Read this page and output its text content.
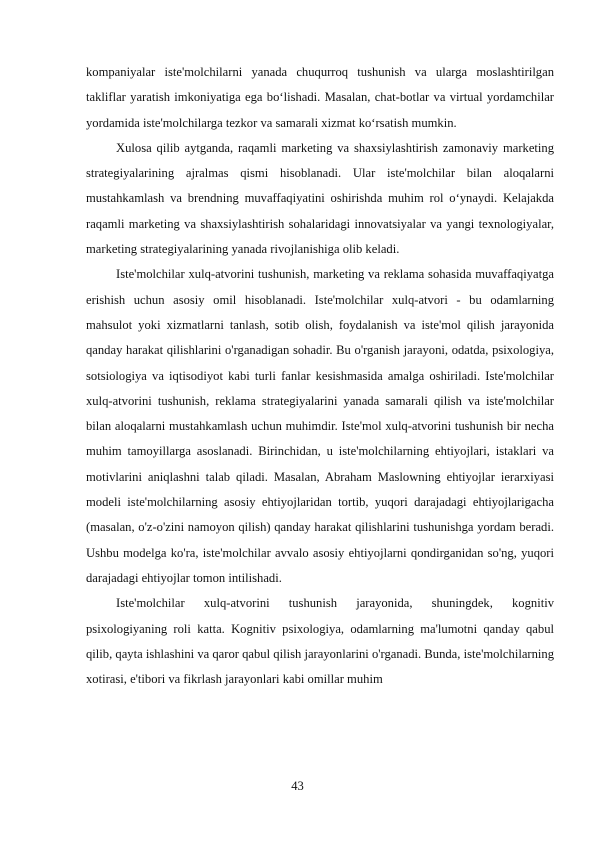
kompaniyalar iste'molchilarni yanada chuqurroq tushunish va ularga moslashtirilgan takliflar yaratish imkoniyatiga ega bo‘lishadi. Masalan, chat-botlar va virtual yordamchilar yordamida iste'molchilarga tezkor va samarali xizmat ko‘rsatish mumkin.

Xulosa qilib aytganda, raqamli marketing va shaxsiylashtirish zamonaviy marketing strategiyalarining ajralmas qismi hisoblanadi. Ular iste'molchilar bilan aloqalarni mustahkamlash va brendning muvaffaqiyatini oshirishda muhim rol o‘ynaydi. Kelajakda raqamli marketing va shaxsiylashtirish sohalaridagi innovatsiyalar va yangi texnologiyalar, marketing strategiyalarining yanada rivojlanishiga olib keladi.

Iste'molchilar xulq-atvorini tushunish, marketing va reklama sohasida muvaffaqiyatga erishish uchun asosiy omil hisoblanadi. Iste'molchilar xulq-atvori - bu odamlarning mahsulot yoki xizmatlarni tanlash, sotib olish, foydalanish va iste'mol qilish jarayonida qanday harakat qilishlarini o'rganadigan sohadir. Bu o'rganish jarayoni, odatda, psixologiya, sotsiologiya va iqtisodiyot kabi turli fanlar kesishmasida amalga oshiriladi. Iste'molchilar xulq-atvorini tushunish, reklama strategiyalarini yanada samarali qilish va iste'molchilar bilan aloqalarni mustahkamlash uchun muhimdir. Iste'mol xulq-atvorini tushunish bir necha muhim tamoyillarga asoslanadi. Birinchidan, u iste'molchilarning ehtiyojlari, istaklari va motivlarini aniqlashni talab qiladi. Masalan, Abraham Maslowning ehtiyojlar ierarxiyasi modeli iste'molchilarning asosiy ehtiyojlaridan tortib, yuqori darajadagi ehtiyojlarigacha (masalan, o'z-o'zini namoyon qilish) qanday harakat qilishlarini tushunishga yordam beradi. Ushbu modelga ko'ra, iste'molchilar avvalo asosiy ehtiyojlarni qondirganidan so'ng, yuqori darajadagi ehtiyojlar tomon intilishadi.

Iste'molchilar xulq-atvorini tushunish jarayonida, shuningdek, kognitiv psixologiyaning roli katta. Kognitiv psixologiya, odamlarning ma'lumotni qanday qabul qilib, qayta ishlashini va qaror qabul qilish jarayonlarini o'rganadi. Bunda, iste'molchilarning xotirasi, e'tibori va fikrlash jarayonlari kabi omillar muhim

43
